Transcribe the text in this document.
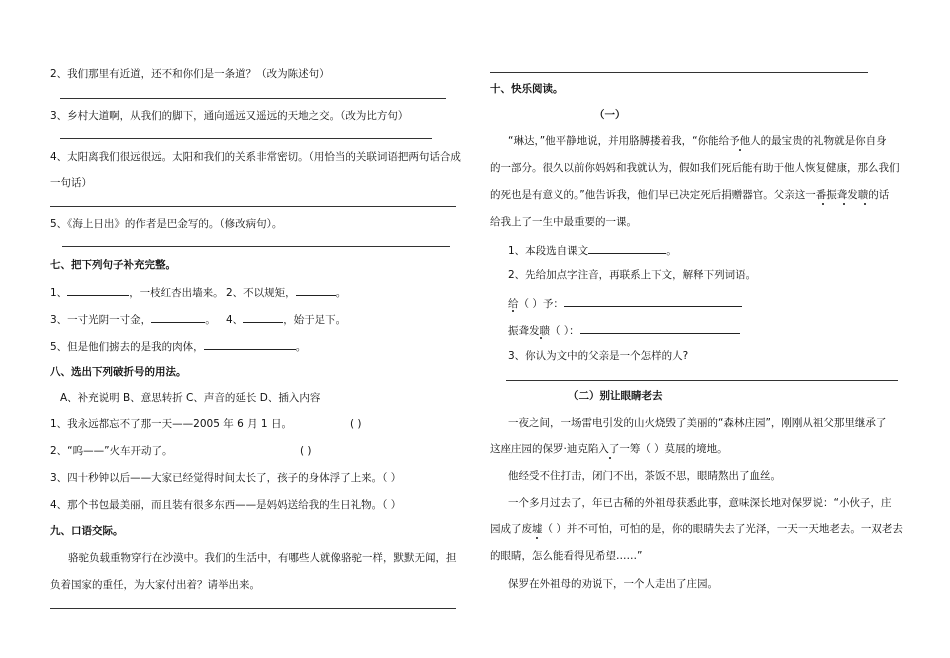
2、我们那里有近道，还不和你们是一条道？（改为陈述句）
3、乡村大道啊，从我们的脚下，通向遥远又遥远的天地之交。（改为比方句）
4、太阳离我们很远很远。太阳和我们的关系非常密切。（用恰当的关联词语把两句话合成
一句话）
5、《海上日出》的作者是巴金写的。（修改病句）。
七、把下列句子补充完整。
1、	，一枝红杏出墙来。 2、不以规矩，	。
3、一寸光阴一寸金，	。 4、	，始于足下。
5、但是他们掳去的是我的肉体，	。
八、选出下列破折号的用法。
A、补充说明 B、意思转折 C、声音的延长 D、插入内容
1、我永远都忘不了那一天——2005 年 6 月 1 日。	( )
2、“呜——”火车开动了。	( )
3、四十秒钟以后——大家已经觉得时间太长了，孩子的身体浮了上来。（ ）
4、那个书包最美丽，而且装有很多东西——是妈妈送给我的生日礼物。（ ）
九、口语交际。
骆驼负载重物穿行在沙漠中。我们的生活中，有哪些人就像骆驼一样，默默无闻，担
负着国家的重任，为大家付出着？请举出来。
十、快乐阅读。
（一）
“琳达，”他平静地说，并用胳膊搂着我，“你能给予他人的最宝贵的礼物就是你自身
的一部分。很久以前你妈妈和我就认为，假如我们死后能有助于他人恢复健康，那么我们
的死也是有意义的。”他告诉我，他们早已决定死后捐赠器官。父亲这一番振聋发聩的话
给我上了一生中最重要的一课。
1、本段选自课文	。
2、先给加点字注音，再联系上下文，解释下列词语。
给（ ）予：
振聋发聩（ ）：
3、你认为文中的父亲是一个怎样的人?
（二）别让眼睛老去
一夜之间，一场雷电引发的山火烧毁了美丽的“森林庄园”，刚刚从祖父那里继承了
这座庄园的保罗·迪克陷入了一筹（ ）莫展的境地。
他经受不住打击，闭门不出，茶饭不思，眼睛熬出了血丝。
一个多月过去了，年已古稀的外祖母获悉此事，意味深长地对保罗说：“小伙子，庄
园成了废墟（ ）并不可怕，可怕的是，你的眼睛失去了光泽，一天一天地老去。一双老去
的眼睛，怎么能看得见希望……”
保罗在外祖母的劝说下，一个人走出了庄园。
